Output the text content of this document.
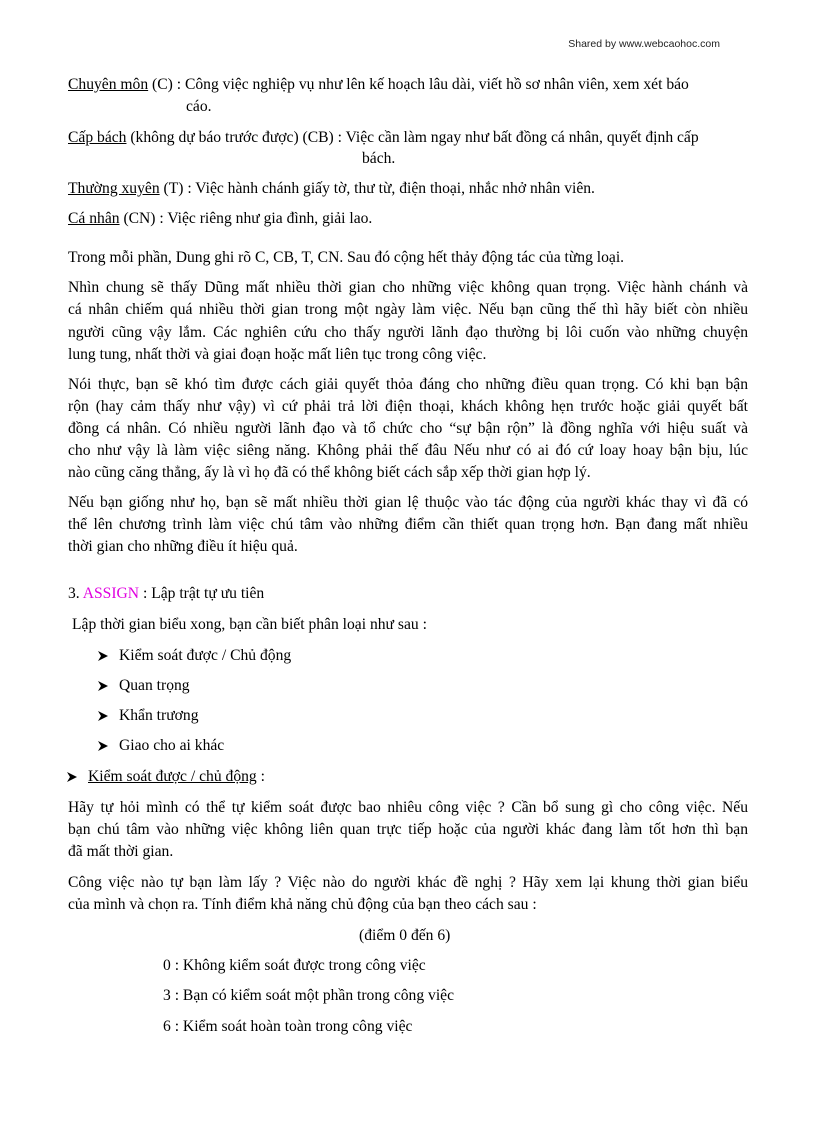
Shared by www.webcaohoc.com
Chuyên môn (C) : Công việc nghiệp vụ như lên kế hoạch lâu dài, viết hồ sơ nhân viên, xem xét báo
cáo.
Cấp bách (không dự báo trước được) (CB) : Việc cần làm ngay như bất đồng cá nhân, quyết định cấp
bách.
Thường xuyên (T) : Việc hành chánh giấy tờ, thư từ, điện thoại, nhắc nhở nhân viên.
Cá nhân (CN) : Việc riêng như gia đình, giải lao.
Trong mỗi phần, Dung ghi rõ C, CB, T, CN. Sau đó cộng hết thảy động tác của từng loại.
Nhìn chung sẽ thấy Dũng mất nhiều thời gian cho những việc không quan trọng. Việc hành chánh và
cá nhân chiếm quá nhiều thời gian trong một ngày làm việc. Nếu bạn cũng thế thì hãy biết còn nhiều
người cũng vậy lắm. Các nghiên cứu cho thấy người lãnh đạo thường bị lôi cuốn vào những chuyện
lung tung, nhất thời và giai đoạn hoặc mất liên tục trong công việc.
Nói thực, bạn sẽ khó tìm được cách giải quyết thỏa đáng cho những điều quan trọng. Có khi bạn bận
rộn (hay cảm thấy như vậy) vì cứ phải trả lời điện thoại, khách không hẹn trước hoặc giải quyết bất
đồng cá nhân. Có nhiều người lãnh đạo và tổ chức cho “sự bận rộn” là đồng nghĩa với hiệu suất và
cho như vậy là làm việc siêng năng. Không phải thế đâu Nếu như có ai đó cứ loay hoay bận bịu, lúc
nào cũng căng thẳng, ấy là vì họ đã có thể không biết cách sắp xếp thời gian hợp lý.
Nếu bạn giống như họ, bạn sẽ mất nhiều thời gian lệ thuộc vào tác động của người khác thay vì đã có
thể lên chương trình làm việc chú tâm vào những điểm cần thiết quan trọng hơn. Bạn đang mất nhiều
thời gian cho những điều ít hiệu quả.
3. ASSIGN : Lập trật tự ưu tiên
Lập thời gian biểu xong, bạn cần biết phân loại như sau :
Kiểm soát được / Chủ động
Quan trọng
Khẩn trương
Giao cho ai khác
Kiểm soát được / chủ động :
Hãy tự hỏi mình có thể tự kiểm soát được bao nhiêu công việc ? Cần bổ sung gì cho công việc. Nếu
bạn chú tâm vào những việc không liên quan trực tiếp hoặc của người khác đang làm tốt hơn thì bạn
đã mất thời gian.
Công việc nào tự bạn làm lấy ? Việc nào do người khác đề nghị ? Hãy xem lại khung thời gian biểu
của mình và chọn ra. Tính điểm khả năng chủ động của bạn theo cách sau :
(điểm 0 đến 6)
0 : Không kiểm soát được trong công việc
3 : Bạn có kiểm soát một phần trong công việc
6 : Kiểm soát hoàn toàn trong công việc
